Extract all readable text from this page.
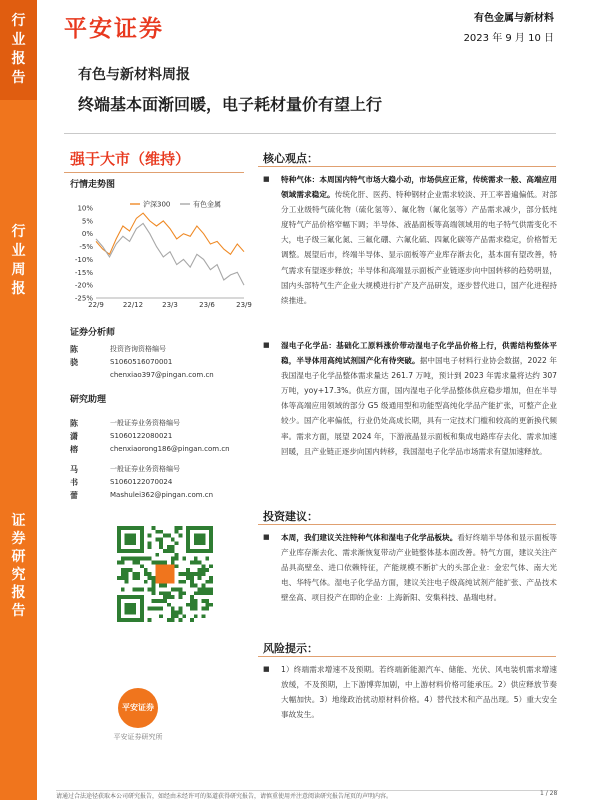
行
业
报
告
行
业
周
报
证
券
研
究
报
告
平安证券	有色金属与新材料
2023 年 9 月 10 日
有色与新材料周报
终端基本面渐回暖，电子耗材量价有望上行
强于大市（维持）
行情走势图
10%
5%
0%
-5%
-10%
-15%
-20%
-25%
22/9	22/12	23/3	23/6	23/9
沪深300	有色金属
证券分析师
陈骁
投资咨询资格编号
S1060516070001
chenxiao397@pingan.com.cn
研究助理
陈潇榕
一般证券业务资格编号
S1060122080021
chenxiaorong186@pingan.com.cn
马书蕾
一般证券业务资格编号
S1060122070024
Mashulei362@pingan.com.cn
平安证券
平安证券研究所
核心观点：
■	特种气体：本周国内特气市场大稳小动，市场供应正常，传统需求一般、高端应用领域需求稳定。传统化肝、医药、特种钢材企业需求较淡、开工率普遍偏低。对部分工业级特气硫化物（硫化氢等）、氟化物（氟化氢等）产品需求减少，部分低纯度特气产品价格窄幅下调；半导体、液晶面板等高端领域用的电子特气供需变化不大，电子级三氟化氮、三氟化硼、六氟化硫、四氟化碳等产品需求稳定，价格暂无调整。展望后市，终端半导体、显示面板等产业库存渐去化，基本面有望改善，特气需求有望逐步释放；半导体和高端显示面板产业链逐步向中国转移的趋势明显，国内头部特气生产企业大规模进行扩产及产品研发，逐步替代进口，国产化进程持续推进。
■	湿电子化学品：基础化工原料涨价带动湿电子化学品价格上行，供需结构整体平稳，半导体用高纯试剂国产化有待突破。据中国电子材料行业协会数据，2022 年我国湿电子化学品整体需求量达 261.7 万吨，预计到 2023 年需求量将达约 307 万吨，yoy+17.3%。供应方面，国内湿电子化学品整体供应稳步增加，但在半导体等高端应用领域的部分 G5 级通用型和功能型高纯化学品产能扩张，可整产企业较少。国产化率偏低，行业仍处高成长期，具有一定技术门槛和较高的更新换代频率。需求方面，展望 2024 年，下游液晶显示面板和集成电路库存去化、需求加速回暖，且产业链正逐步向国内转移，我国湿电子化学品市场需求有望加速释放。
投资建议：
■	本周，我们建议关注特种气体和湿电子化学品板块。看好终端半导体和显示面板等产业库存渐去化、需求渐恢复带动产业链整体基本面改善。特气方面，建议关注产品具高壁垒、进口依赖特征，产能规模不断扩大的头部企业：金宏气体、南大光电、华特气体。湿电子化学品方面，建议关注电子级高纯试剂产能扩张、产品技术壁垒高、项目投产在即的企业：上海新阳、安集科技、晶瑞电材。
风险提示：
■	1）终端需求增速不及预期。若终端新能源汽车、储能、光伏、风电装机需求增速放缓，不及预期，上下游博弈加剧，中上游材料价格可能承压。2）供应释放节奏大幅加快。3）地缘政治扰动原材料价格。4）替代技术和产品出现。5）重大安全事故发生。
请通过合法途径获取本公司研究报告，如经由未经许可的渠道获得研究报告，请慎重使用并注意阅读研究报告尾页的声明内容。	1 / 28
